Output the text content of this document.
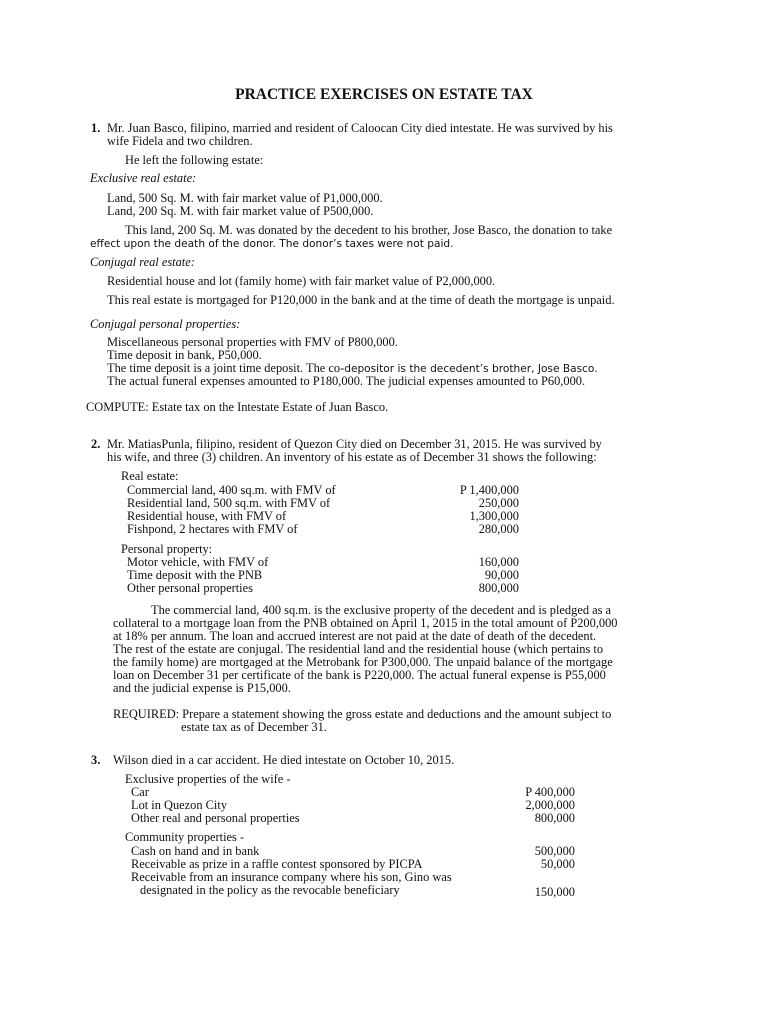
PRACTICE EXERCISES ON ESTATE TAX
1. Mr. Juan Basco, filipino, married and resident of Caloocan City died intestate. He was survived by his
wife Fidela and two children.
He left the following estate:
Exclusive real estate:
Land, 500 Sq. M. with fair market value of P1,000,000.
Land, 200 Sq. M. with fair market value of P500,000.
This land, 200 Sq. M. was donated by the decedent to his brother, Jose Basco, the donation to take
effect upon the death of the donor. The donor’s taxes were not paid.
Conjugal real estate:
Residential house and lot (family home) with fair market value of P2,000,000.
This real estate is mortgaged for P120,000 in the bank and at the time of death the mortgage is unpaid.
Conjugal personal properties:
Miscellaneous personal properties with FMV of P800,000.
Time deposit in bank, P50,000.
The time deposit is a joint time deposit. The co-depositor is the decedent’s brother, Jose Basco.
The actual funeral expenses amounted to P180,000. The judicial expenses amounted to P60,000.
COMPUTE: Estate tax on the Intestate Estate of Juan Basco.
2. Mr. MatiasPunla, filipino, resident of Quezon City died on December 31, 2015. He was survived by
his wife, and three (3) children. An inventory of his estate as of December 31 shows the following:
Real estate:
Commercial land, 400 sq.m. with FMV of	P 1,400,000
Residential land, 500 sq.m. with FMV of	250,000
Residential house, with FMV of	1,300,000
Fishpond, 2 hectares with FMV of	280,000
Personal property:
Motor vehicle, with FMV of	160,000
Time deposit with the PNB	90,000
Other personal properties	800,000
The commercial land, 400 sq.m. is the exclusive property of the decedent and is pledged as a
collateral to a mortgage loan from the PNB obtained on April 1, 2015 in the total amount of P200,000
at 18% per annum. The loan and accrued interest are not paid at the date of death of the decedent.
The rest of the estate are conjugal. The residential land and the residential house (which pertains to
the family home) are mortgaged at the Metrobank for P300,000. The unpaid balance of the mortgage
loan on December 31 per certificate of the bank is P220,000. The actual funeral expense is P55,000
and the judicial expense is P15,000.
REQUIRED: Prepare a statement showing the gross estate and deductions and the amount subject to
estate tax as of December 31.
3. Wilson died in a car accident. He died intestate on October 10, 2015.
Exclusive properties of the wife -
Car	P 400,000
Lot in Quezon City	2,000,000
Other real and personal properties	800,000
Community properties -
Cash on hand and in bank	500,000
Receivable as prize in a raffle contest sponsored by PICPA	50,000
Receivable from an insurance company where his son, Gino was
designated in the policy as the revocable beneficiary	150,000
